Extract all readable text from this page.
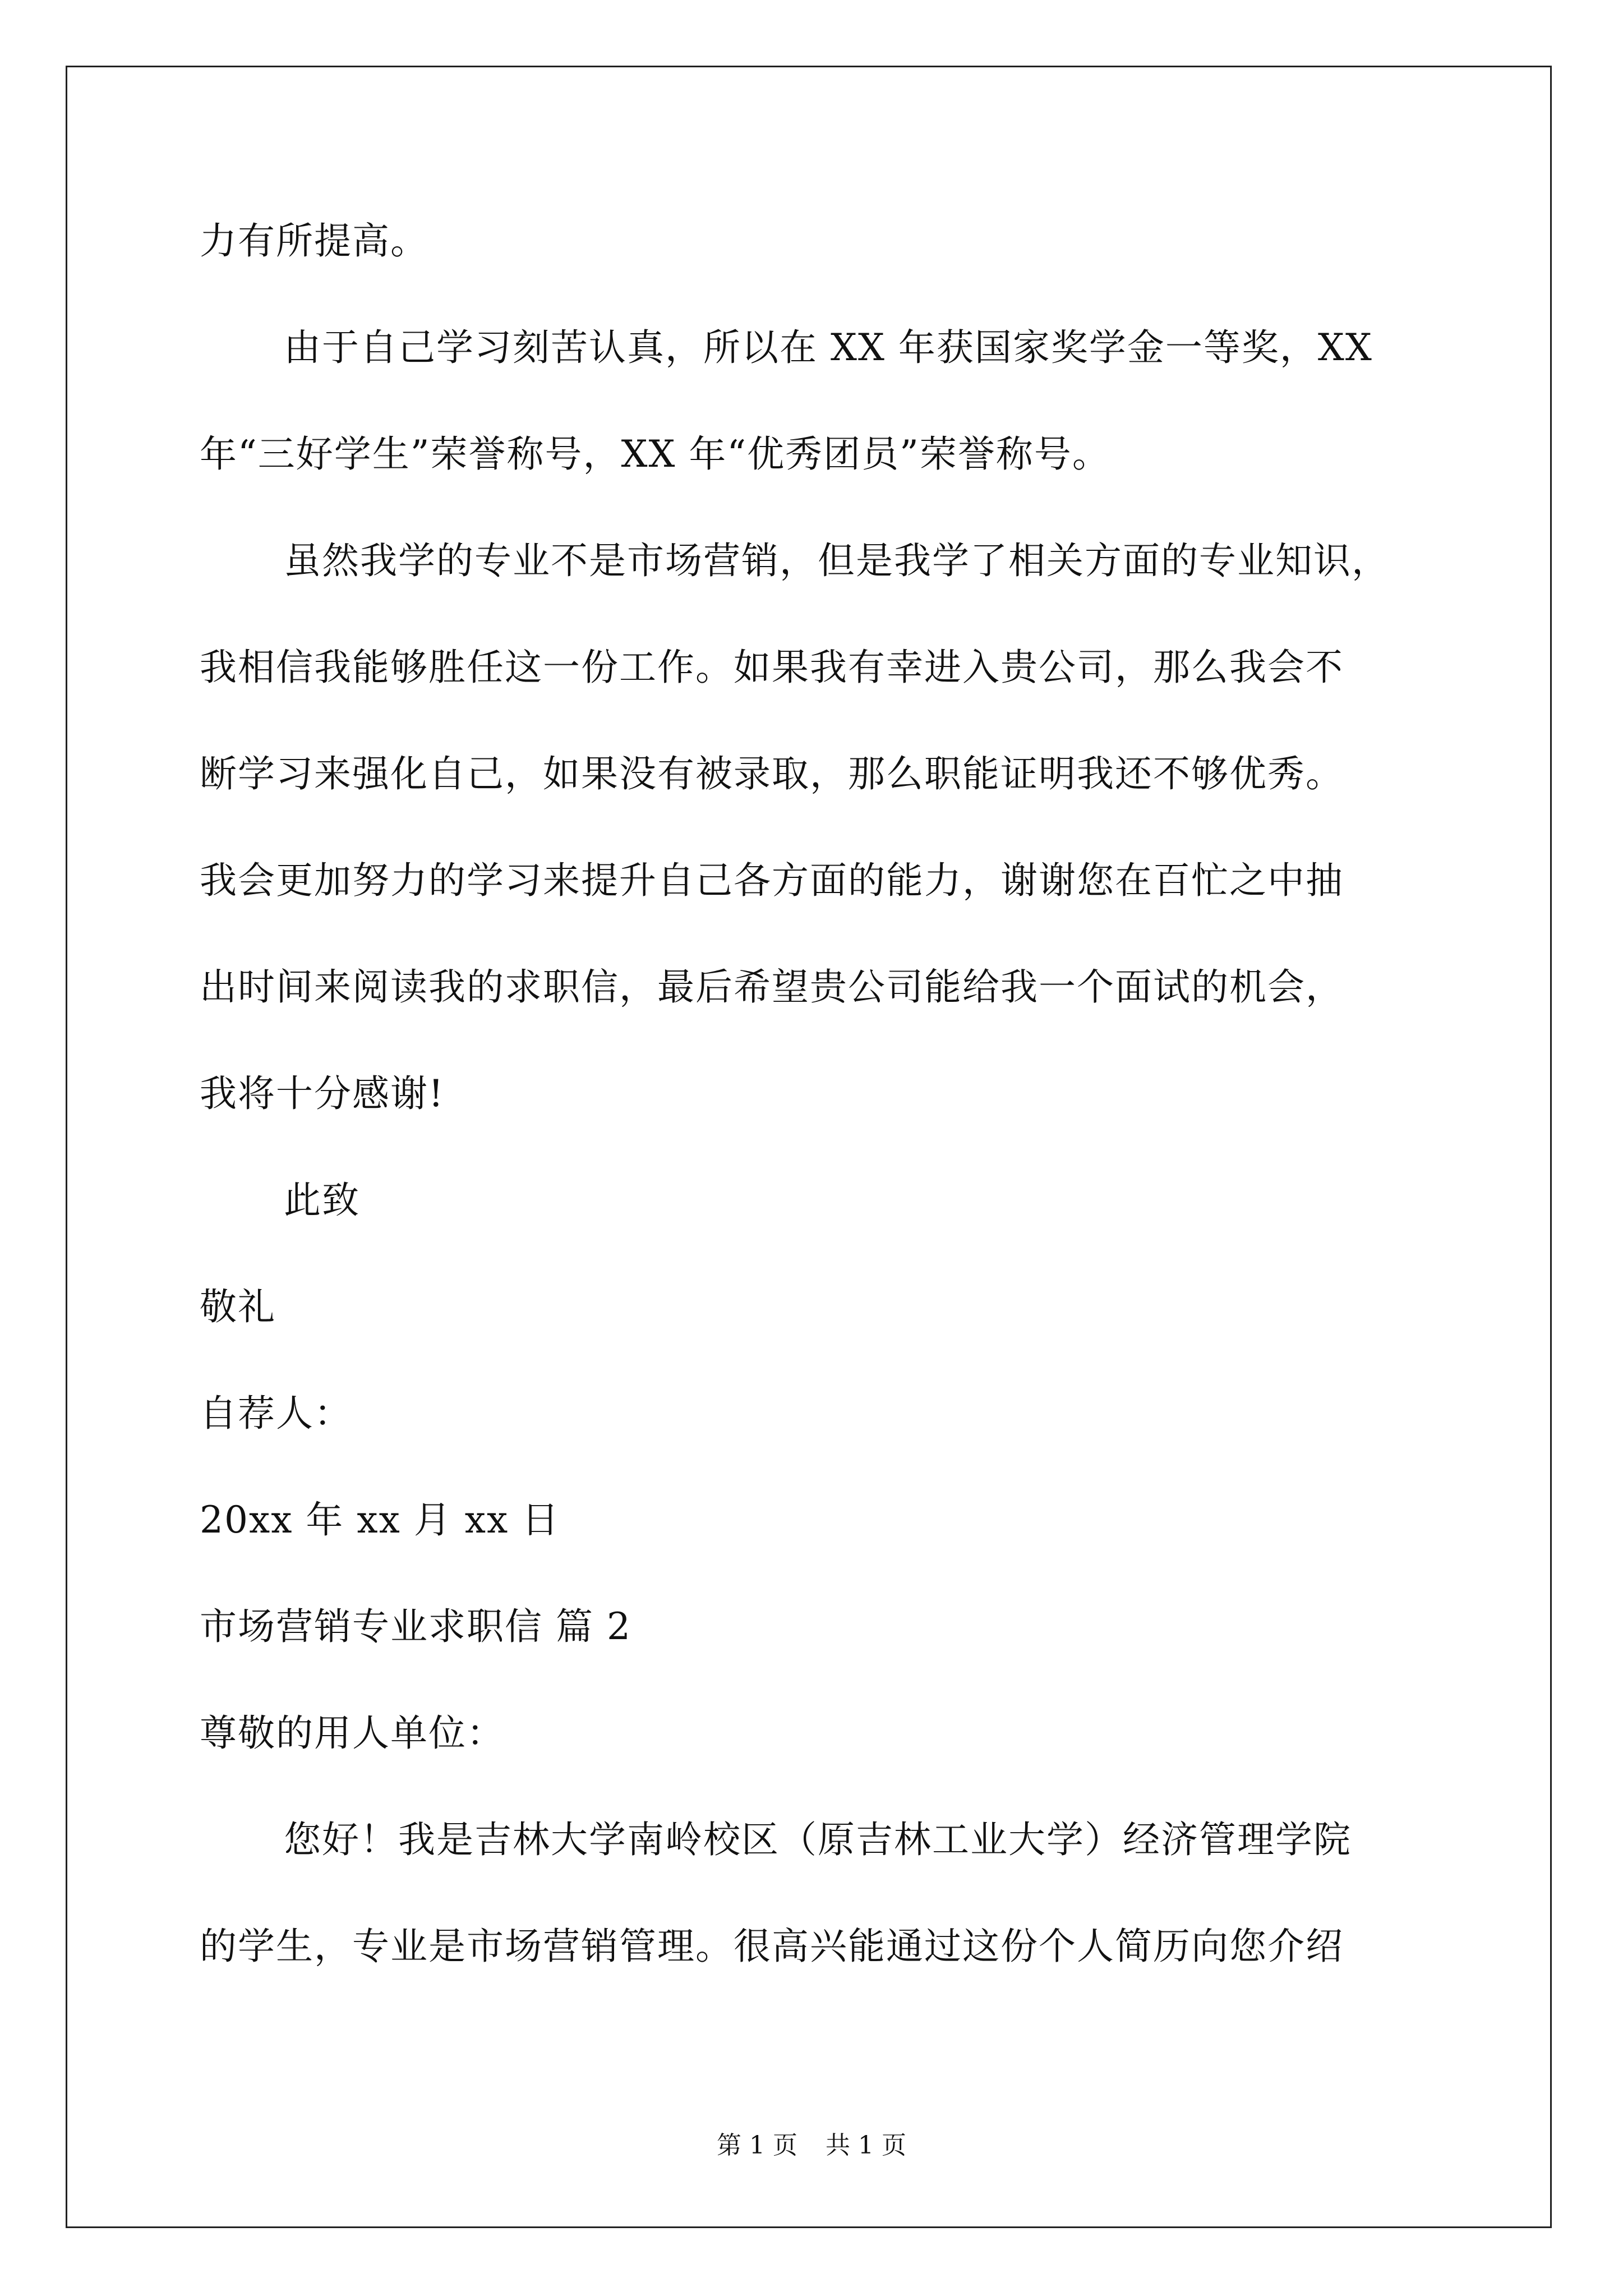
力有所提高。
由于自己学习刻苦认真，所以在 XX 年获国家奖学金一等奖，XX
年“三好学生”荣誉称号，XX 年“优秀团员”荣誉称号。
虽然我学的专业不是市场营销，但是我学了相关方面的专业知识，
我相信我能够胜任这一份工作。如果我有幸进入贵公司，那么我会不
断学习来强化自己，如果没有被录取，那么职能证明我还不够优秀。
我会更加努力的学习来提升自己各方面的能力，谢谢您在百忙之中抽
出时间来阅读我的求职信，最后希望贵公司能给我一个面试的机会，
我将十分感谢!
此致
敬礼
自荐人：
20xx 年 xx 月 xx 日
市场营销专业求职信 篇 2
尊敬的用人单位：
您好！我是吉林大学南岭校区（原吉林工业大学）经济管理学院
的学生，专业是市场营销管理。很高兴能通过这份个人简历向您介绍
第 1 页 共 1 页
